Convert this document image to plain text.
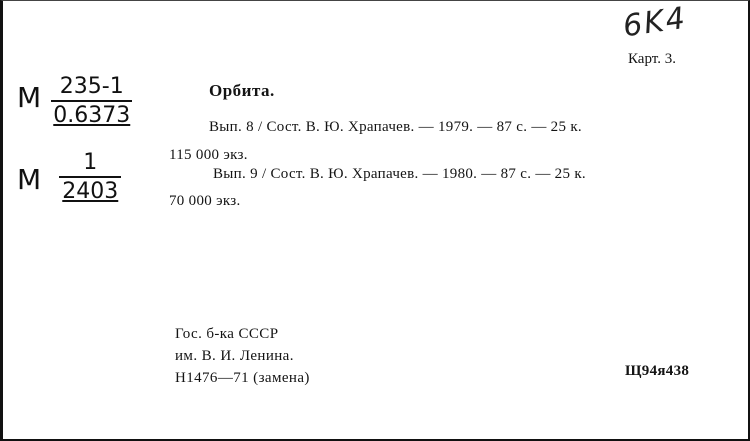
6K4
Карт. 3.
M $\frac{235-1}{0.6373}$
M $\frac{1}{2403}$
Орбита.
Вып. 8 / Сост. В. Ю. Храпачев. — 1979. — 87 с. — 25 к.
115 000 экз.
Вып. 9 / Сост. В. Ю. Храпачев. — 1980. — 87 с. — 25 к.
70 000 экз.
Гос. б-ка СССР
им. В. И. Ленина.
Н1476—71 (замена)	Щ94я438
